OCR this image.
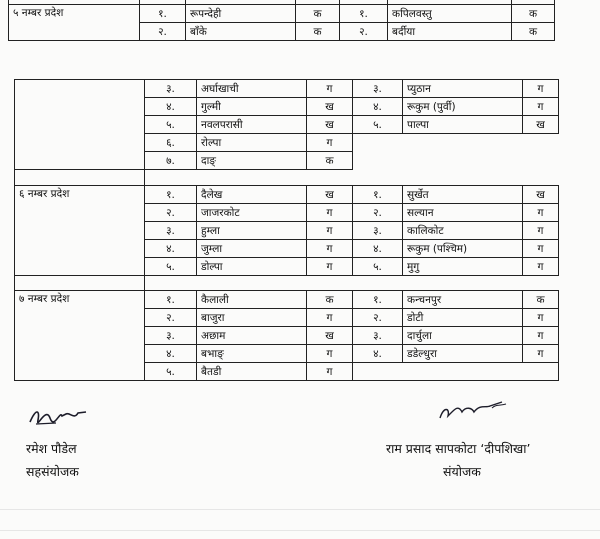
५ नम्बर प्रदेश	१.	रूपन्देही	क	१.	कपिलवस्तु	क
	२.	बाँके	क	२.	बर्दीया	क
	३.	अर्घाखाची	ग	३.	प्युठान	ग
	४.	गुल्मी	ख	४.	रूकुम (पुर्वी)	ग
	५.	नवलपरासी	ख	५.	पाल्पा	ख
	६.	रोल्पा	ग			
	७.	दाङ्	क			

६ नम्बर प्रदेश	१.	दैलेख	ख	१.	सुर्खेत	ख
	२.	जाजरकोट	ग	२.	सल्यान	ग
	३.	हुम्ला	ग	३.	कालिकोट	ग
	४.	जुम्ला	ग	४.	रूकुम (पश्चिम)	ग
	५.	डोल्पा	ग	५.	मुगु	ग

७ नम्बर प्रदेश	१.	कैलाली	क	१.	कन्चनपुर	क
	२.	बाजुरा	ग	२.	डोटी	ग
	३.	अछाम	ख	३.	दार्चुला	ग
	४.	बभाङ्	ग	४.	डडेल्धुरा	ग
	५.	बैतडी	ग			
रमेश पौडेल
सहसंयोजक
राम प्रसाद सापकोटा ‘दीपशिखा’
संयोजक
